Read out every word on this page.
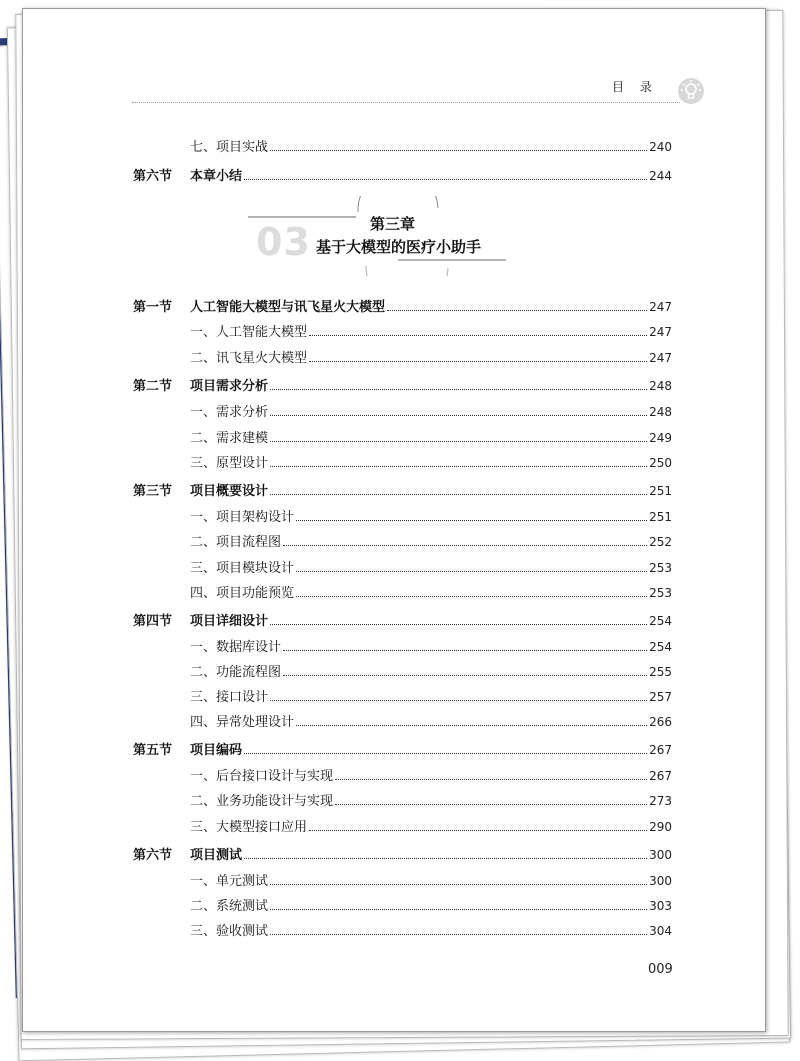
目 录
七、项目实战	240
第六节 本章小结	244
03	第三章
基于大模型的医疗小助手
第一节 人工智能大模型与讯飞星火大模型	247
一、人工智能大模型	247
二、讯飞星火大模型	247
第二节 项目需求分析	248
一、需求分析	248
二、需求建模	249
三、原型设计	250
第三节 项目概要设计	251
一、项目架构设计	251
二、项目流程图	252
三、项目模块设计	253
四、项目功能预览	253
第四节 项目详细设计	254
一、数据库设计	254
二、功能流程图	255
三、接口设计	257
四、异常处理设计	266
第五节 项目编码	267
一、后台接口设计与实现	267
二、业务功能设计与实现	273
三、大模型接口应用	290
第六节 项目测试	300
一、单元测试	300
二、系统测试	303
三、验收测试	304
009
